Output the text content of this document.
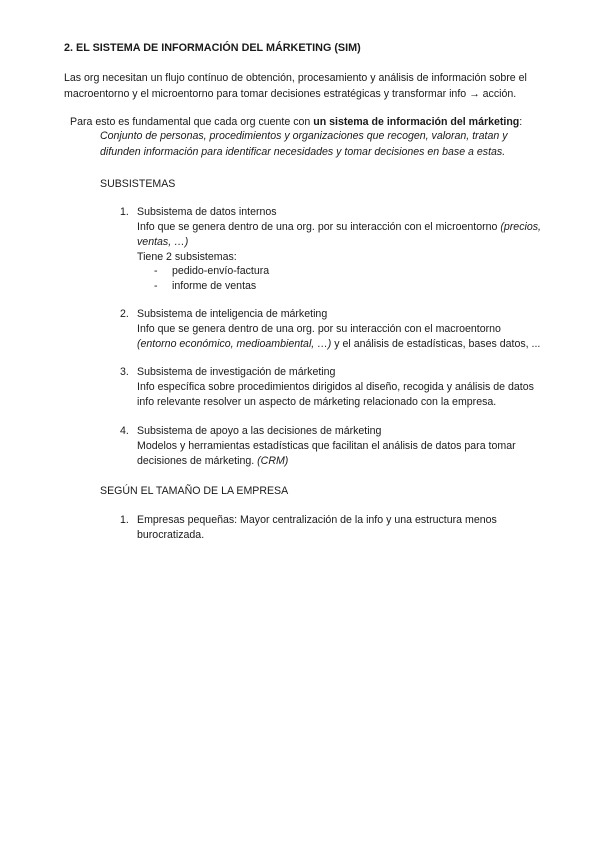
2. EL SISTEMA DE INFORMACIÓN DEL MÁRKETING (SIM)
Las org necesitan un flujo contínuo de obtención, procesamiento y análisis de información sobre el
macroentorno y el microentorno para tomar decisiones estratégicas y transformar info → acción.
Para esto es fundamental que cada org cuente con un sistema de información del márketing:
Conjunto de personas, procedimientos y organizaciones que recogen, valoran, tratan y
difunden información para identificar necesidades y tomar decisiones en base a estas.
SUBSISTEMAS
1. Subsistema de datos internos
Info que se genera dentro de una org. por su interacción con el microentorno (precios,
ventas, …)
Tiene 2 subsistemas:
- pedido-envío-factura
- informe de ventas
2. Subsistema de inteligencia de márketing
Info que se genera dentro de una org. por su interacción con el macroentorno
(entorno económico, medioambiental, …) y el análisis de estadísticas, bases datos, ...
3. Subsistema de investigación de márketing
Info específica sobre procedimientos dirigidos al diseño, recogida y análisis de datos
info relevante resolver un aspecto de márketing relacionado con la empresa.
4. Subsistema de apoyo a las decisiones de márketing
Modelos y herramientas estadísticas que facilitan el análisis de datos para tomar
decisiones de márketing. (CRM)
SEGÚN EL TAMAÑO DE LA EMPRESA
1. Empresas pequeñas: Mayor centralización de la info y una estructura menos
burocratizada.
